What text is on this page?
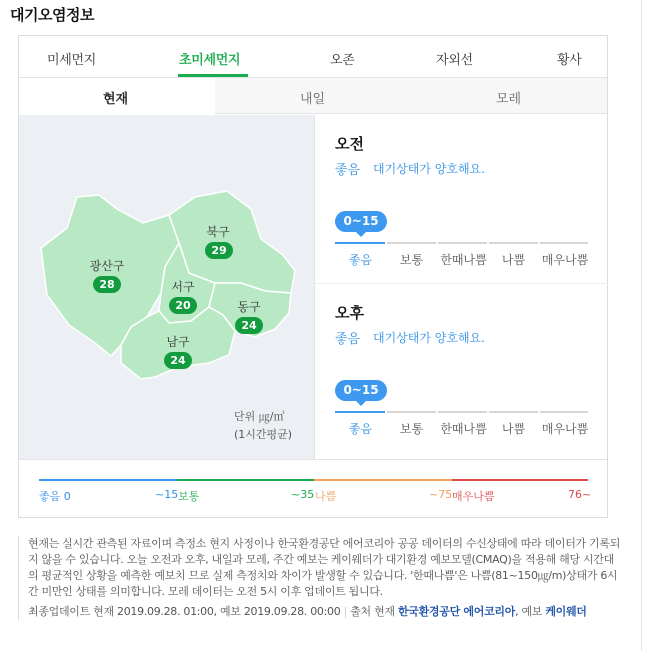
대기오염정보
미세먼지	초미세먼지	오존	자외선	황사
현재	내일	모레
광산구
28
북구
29
서구
20	동구
24
남구
24
단위 ㎍/㎥
(1시간평균)
오전
좋음 대기상태가 양호해요.
0~15
좋음	보통	한때나쁨	나쁨	매우나쁨
오후
좋음 대기상태가 양호해요.
0~15
좋음	보통	한때나쁨	나쁨	매우나쁨
좋음 0	~15 보통	~35 나쁨	~75 매우나쁨	76~

현재는 실시간 관측된 자료이며 측정소 현지 사정이나 한국환경공단 에어코리아 공공 데이터의 수신상태에 따라 데이터가 기록되지 않을 수 있습니다. 오늘 오전과 오후, 내일과 모레, 주간 예보는 케이웨더가 대기환경 예보모델(CMAQ)을 적용해 해당 시간대의 평균적인 상황을 예측한 예보치 므로 실제 측정치와 차이가 발생할 수 있습니다. '한때나쁨'은 나쁨(81~150㎍/m)상태가 6시간 미만인 상태를 의미합니다. 모레 데이터는 오전 5시 이후 업데이트 됩니다.

최종업데이트 현재 2019.09.28. 01:00, 예보 2019.09.28. 00:00 | 출처 현재 한국환경공단 에어코리아, 예보 케이웨더
